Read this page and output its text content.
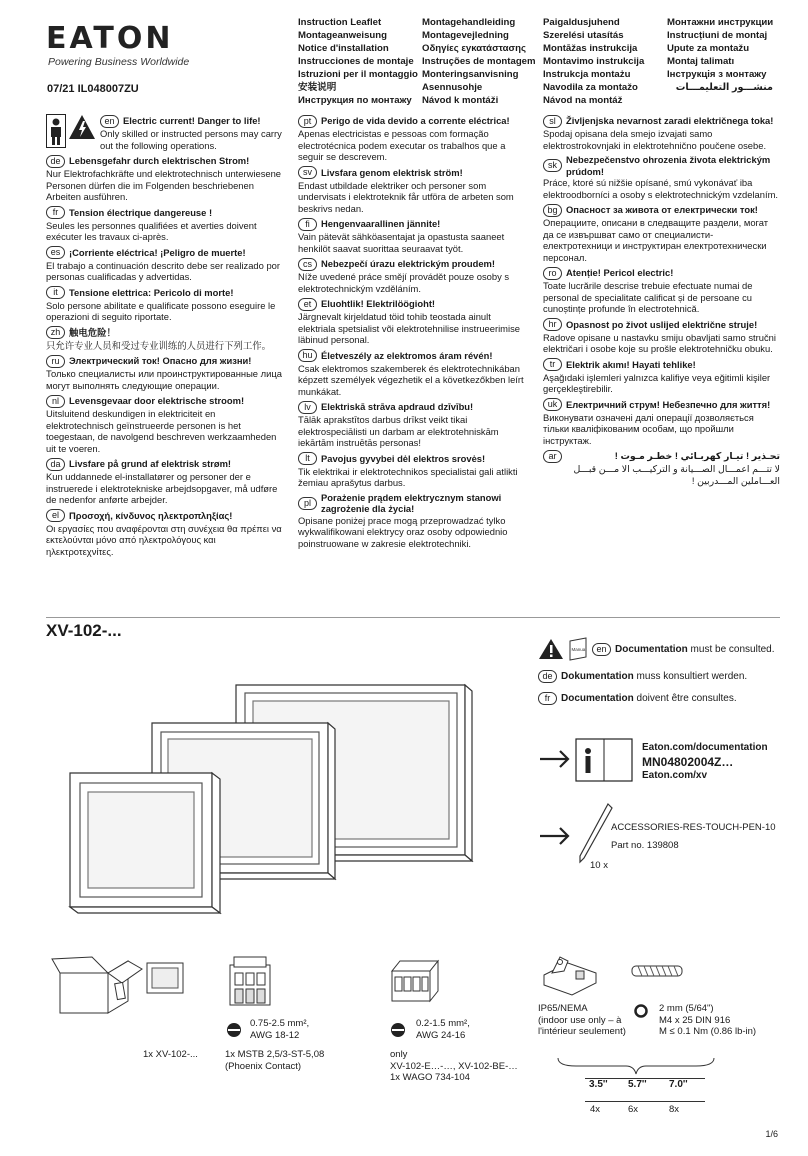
EATON
Powering Business Worldwide
07/21 IL048007ZU
Instruction Leaflet
Montageanweisung
Notice d'installation
Instrucciones de montaje
Istruzioni per il montaggio
安装说明
Инструкция по монтажу
Montagehandleiding
Montagevejledning
Οδηγίες εγκατάστασης
Instruções de montagem
Monteringsanvisning
Asennusohje
Návod k montáži
Paigaldusjuhend
Szerelési utasítás
Montāžas instrukcija
Montavimo instrukcija
Instrukcja montażu
Navodila za montažo
Návod na montáž
Монтажни инструкции
Instrucțiuni de montaj
Upute za montažu
Montaj talimatı
Інструкція з монтажу
منشـــور التعليمـــات
en Electric current! Danger to life!
Only skilled or instructed persons may carry out the following operations.
de Lebensgefahr durch elektrischen Strom!
Nur Elektrofachkräfte und elektrotechnisch unterwiesene Personen dürfen die im Folgenden beschriebenen Arbeiten ausführen.
fr	Tension électrique dangereuse !
Seules les personnes qualifiées et averties doivent exécuter les travaux ci-après.
es ¡Corriente eléctrica! ¡Peligro de muerte!
El trabajo a continuación descrito debe ser realizado por personas cualificadas y advertidas.
it	Tensione elettrica: Pericolo di morte!
Solo persone abilitate e qualificate possono eseguire le operazioni di seguito riportate.
zh 触电危险！
只允许专业人员和受过专业训练的人员进行下列工作。
ru	Электрический ток! Опасно для жизни!
Только специалисты или проинструктированные лица могут выполнять следующие операции.
nl	Levensgevaar door elektrische stroom!
Uitsluitend deskundigen in elektriciteit en elektrotechnisch geïnstrueerde personen is het toegestaan, de navolgend beschreven werkzaamheden uit te voeren.
da Livsfare på grund af elektrisk strøm!
Kun uddannede el-installatører og personer der e instruerede i elektrotekniske arbejdsopgaver, må udføre de nedenfor anførte arbejder.
el	Προσοχή, κίνδυνος ηλεκτροπληξίας!
Οι εργασίες που αναφέρονται στη συνέχεια θα πρέπει να εκτελούνται μόνο από ηλεκτρολόγους και ηλεκτροτεχνίτες.
pt	Perigo de vida devido a corrente eléctrica!
Apenas electricistas e pessoas com formação electrotécnica podem executar os trabalhos que a seguir se descrevem.
sv Livsfara genom elektrisk ström!
Endast utbildade elektriker och personer som undervisats i elektroteknik får utföra de arbeten som beskrivs nedan.
fi	Hengenvaarallinen jännite!
Vain pätevät sähköasentajat ja opastusta saaneet henkilöt saavat suorittaa seuraavat työt.
cs Nebezpečí úrazu elektrickým proudem!
Níže uvedené práce smějí provádět pouze osoby s elektrotechnickým vzděláním.
et	Eluohtlik! Elektrilöögioht!
Järgnevalt kirjeldatud töid tohib teostada ainult elektriala spetsialist või elektrotehnilise instrueerimise läbinud personal.
hu Életveszély az elektromos áram révén!
Csak elektromos szakemberek és elektrotechnikában képzett személyek végezhetik el a következőkben leírt munkákat.
lv	Elektriskā strāva apdraud dzīvību!
Tālāk aprakstītos darbus drīkst veikt tikai elektrospeciālisti un darbam ar elektrotehniskām iekārtām instruētās personas!
lt	Pavojus gyvybei dėl elektros srovės!
Tik elektrikai ir elektrotechnikos specialistai gali atlikti žemiau aprašytus darbus.
pl	Porażenie prądem elektrycznym stanowi zagrożenie dla życia!
Opisane poniżej prace mogą przeprowadzać tylko wykwalifikowani elektrycy oraz osoby odpowiednio poinstruowane w zakresie elektrotechniki.
sl	Življenjska nevarnost zaradi električnega toka!
Spodaj opisana dela smejo izvajati samo elektrostrokovnjaki in elektrotehnično poučene osebe.
sk Nebezpečenstvo ohrozenia života elektrickým prúdom!
Práce, ktoré sú nižšie opísané, smú vykonávať iba elektroodborníci a osoby s elektrotechnickým vzdelaním.
bg Опасност за живота от електрически ток!
Операциите, описани в следващите раздели, могат да се извършват само от специалисти-електротехници и инструктиран електротехнически персонал.
ro	Atenție! Pericol electric!
Toate lucrările descrise trebuie efectuate numai de personal de specialitate calificat și de persoane cu cunoștințe profunde în electrotehnică.
hr	Opasnost po život uslijed električne struje!
Radove opisane u nastavku smiju obavljati samo stručni električari i osobe koje su prošle elektrotehničku obuku.
tr	Elektrik akımı! Hayati tehlike!
Aşağıdaki işlemleri yalnızca kalifiye veya eğitimli kişiler gerçekleştirebilir.
uk Електричний струм! Небезпечно для життя!
Виконувати означені далі операції дозволяється тільки кваліфікованим особам, що пройшли інструктаж.
ar	تحـذير ! تيـار كهربـائي ! خطـر مـوت !
لا تتـــم اعمـــال الصـــيانة و التركيـــب الا مـــن قبـــل العـــاملين المـــدربين !
XV-102-...
Manual	en Documentation must be consulted.
de Dokumentation muss konsultiert werden.
fr	Documentation doivent être consultes.
Eaton.com/documentation
MN04802004Z…
Eaton.com/xv
ACCESSORIES-RES-TOUCH-PEN-10
Part no. 139808
10 x
1x XV-102-...
0.75-2.5 mm²,
AWG 18-12
1x MSTB 2,5/3-ST-5,08
(Phoenix Contact)
0.2-1.5 mm²,
AWG 24-16
only
XV-102-E…-…, XV-102-BE-…
1x WAGO 734-104
IP65/NEMA
(indoor use only – à
l'intérieur seulement)
2 mm (5/64")
M4 x 25 DIN 916
M ≤ 0.1 Nm (0.86 lb-in)
3.5'' 5.7'' 7.0''
4x	6x	8x
1/6
